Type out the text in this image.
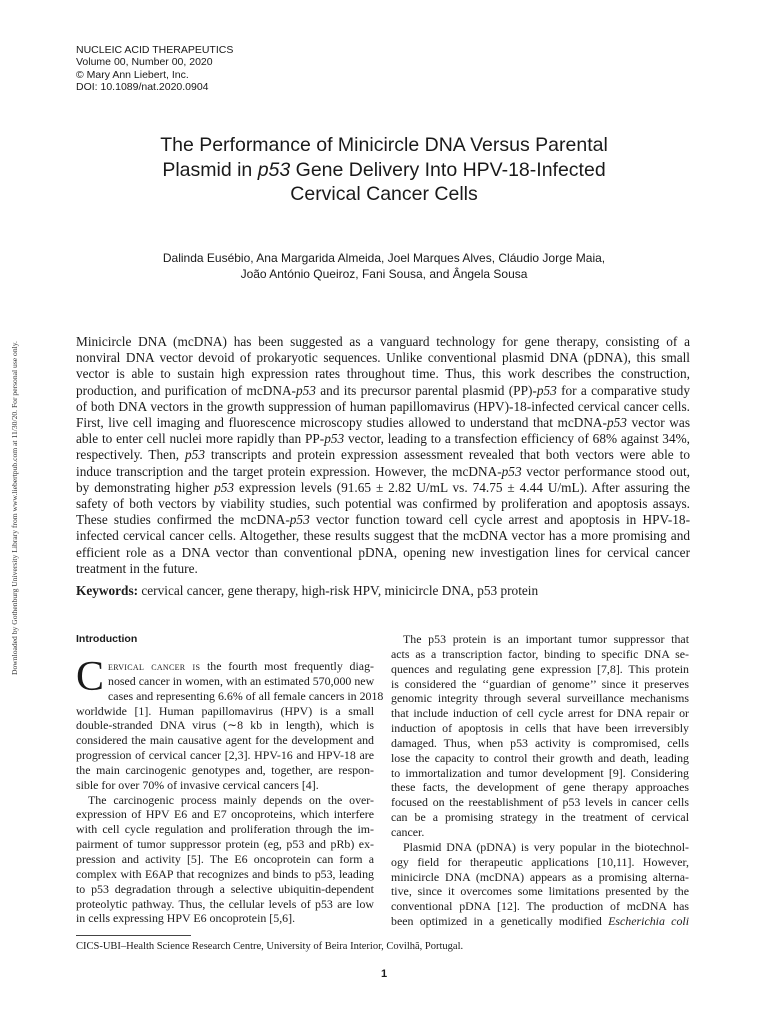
NUCLEIC ACID THERAPEUTICS
Volume 00, Number 00, 2020
© Mary Ann Liebert, Inc.
DOI: 10.1089/nat.2020.0904
The Performance of Minicircle DNA Versus Parental
Plasmid in p53 Gene Delivery Into HPV-18-Infected
Cervical Cancer Cells
Dalinda Eusébio, Ana Margarida Almeida, Joel Marques Alves, Cláudio Jorge Maia,
João António Queiroz, Fani Sousa, and Ângela Sousa
Downloaded by Gothenburg University Library from www.liebertpub.com at 11/30/20. For personal use only.	Minicircle DNA (mcDNA) has been suggested as a vanguard technology for gene therapy, consisting of a
nonviral DNA vector devoid of prokaryotic sequences. Unlike conventional plasmid DNA (pDNA), this small
vector is able to sustain high expression rates throughout time. Thus, this work describes the construction,
production, and purification of mcDNA-p53 and its precursor parental plasmid (PP)-p53 for a comparative study
of both DNA vectors in the growth suppression of human papillomavirus (HPV)-18-infected cervical cancer cells.
First, live cell imaging and fluorescence microscopy studies allowed to understand that mcDNA-p53 vector was
able to enter cell nuclei more rapidly than PP-p53 vector, leading to a transfection efficiency of 68% against 34%,
respectively. Then, p53 transcripts and protein expression assessment revealed that both vectors were able to
induce transcription and the target protein expression. However, the mcDNA-p53 vector performance stood out,
by demonstrating higher p53 expression levels (91.65 ± 2.82 U/mL vs. 74.75 ± 4.44 U/mL). After assuring the
safety of both vectors by viability studies, such potential was confirmed by proliferation and apoptosis assays.
These studies confirmed the mcDNA-p53 vector function toward cell cycle arrest and apoptosis in HPV-18-
infected cervical cancer cells. Altogether, these results suggest that the mcDNA vector has a more promising and
efficient role as a DNA vector than conventional pDNA, opening new investigation lines for cervical cancer
treatment in the future.
Keywords: cervical cancer, gene therapy, high-risk HPV, minicircle DNA, p53 protein
Introduction
C ervical cancer is the fourth most frequently diag-
nosed cancer in women, with an estimated 570,000 new
cases and representing 6.6% of all female cancers in 2018
worldwide [1]. Human papillomavirus (HPV) is a small
double-stranded DNA virus (∼8 kb in length), which is
considered the main causative agent for the development and
progression of cervical cancer [2,3]. HPV-16 and HPV-18 are
the main carcinogenic genotypes and, together, are respon-
sible for over 70% of invasive cervical cancers [4].
The carcinogenic process mainly depends on the over-
expression of HPV E6 and E7 oncoproteins, which interfere
with cell cycle regulation and proliferation through the im-
pairment of tumor suppressor protein (eg, p53 and pRb) ex-
pression and activity [5]. The E6 oncoprotein can form a
complex with E6AP that recognizes and binds to p53, leading
to p53 degradation through a selective ubiquitin-dependent
proteolytic pathway. Thus, the cellular levels of p53 are low
in cells expressing HPV E6 oncoprotein [5,6].
The p53 protein is an important tumor suppressor that
acts as a transcription factor, binding to specific DNA se-
quences and regulating gene expression [7,8]. This protein
is considered the ‘‘guardian of genome’’ since it preserves
genomic integrity through several surveillance mechanisms
that include induction of cell cycle arrest for DNA repair or
induction of apoptosis in cells that have been irreversibly
damaged. Thus, when p53 activity is compromised, cells
lose the capacity to control their growth and death, leading
to immortalization and tumor development [9]. Considering
these facts, the development of gene therapy approaches
focused on the reestablishment of p53 levels in cancer cells
can be a promising strategy in the treatment of cervical
cancer.
Plasmid DNA (pDNA) is very popular in the biotechnol-
ogy field for therapeutic applications [10,11]. However,
minicircle DNA (mcDNA) appears as a promising alterna-
tive, since it overcomes some limitations presented by the
conventional pDNA [12]. The production of mcDNA has
been optimized in a genetically modified Escherichia coli
CICS-UBI–Health Science Research Centre, University of Beira Interior, Covilhã, Portugal.
1
